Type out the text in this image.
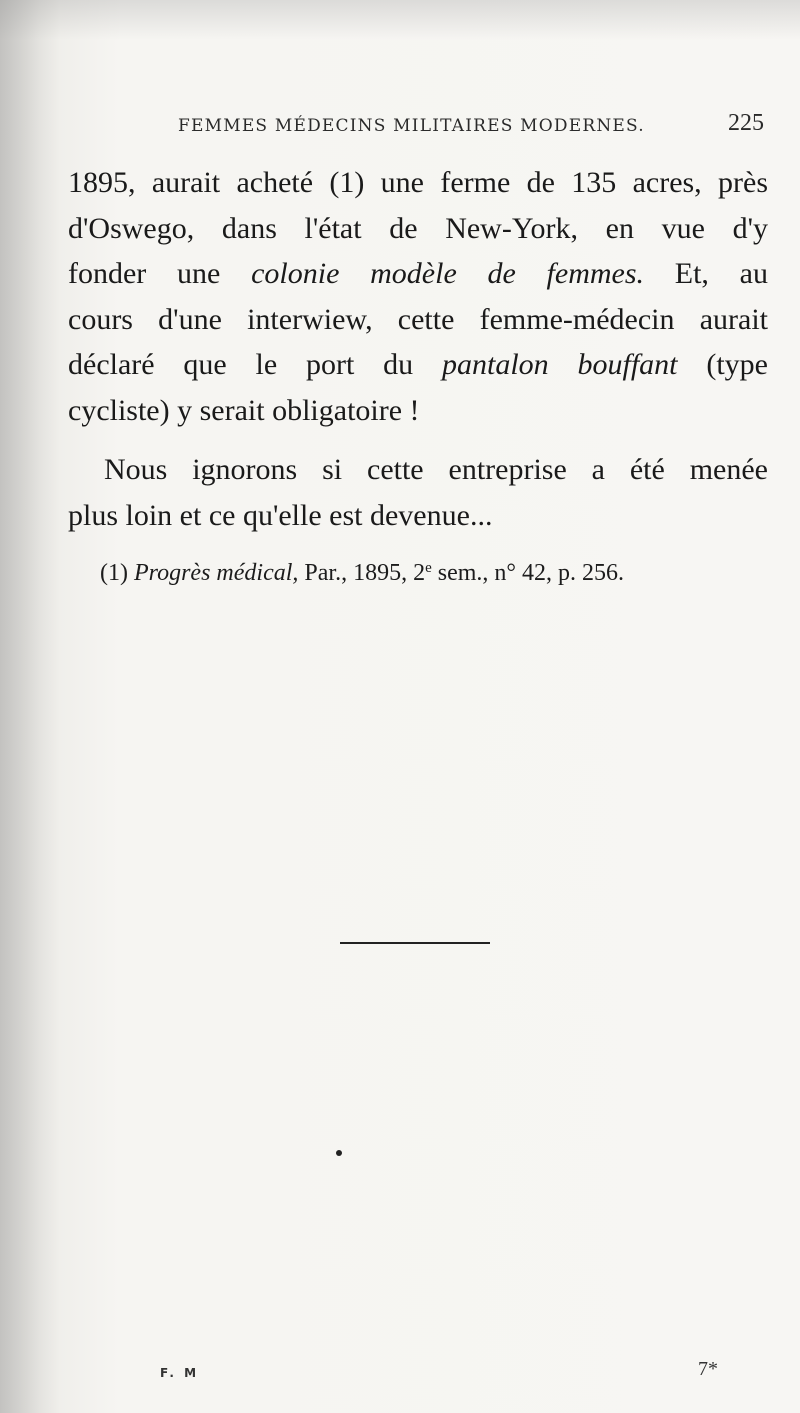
FEMMES MÉDECINS MILITAIRES MODERNES.	225
1895, aurait acheté (1) une ferme de 135 acres, près
d'Oswego, dans l'état de New-York, en vue d'y
fonder une colonie modèle de femmes. Et, au
cours d'une interwiew, cette femme-médecin aurait
déclaré que le port du pantalon bouffant (type
cycliste) y serait obligatoire !
Nous ignorons si cette entreprise a été menée
plus loin et ce qu'elle est devenue...
(1) Progrès médical, Par., 1895, 2e sem., n° 42, p. 256.
F. M	7*
